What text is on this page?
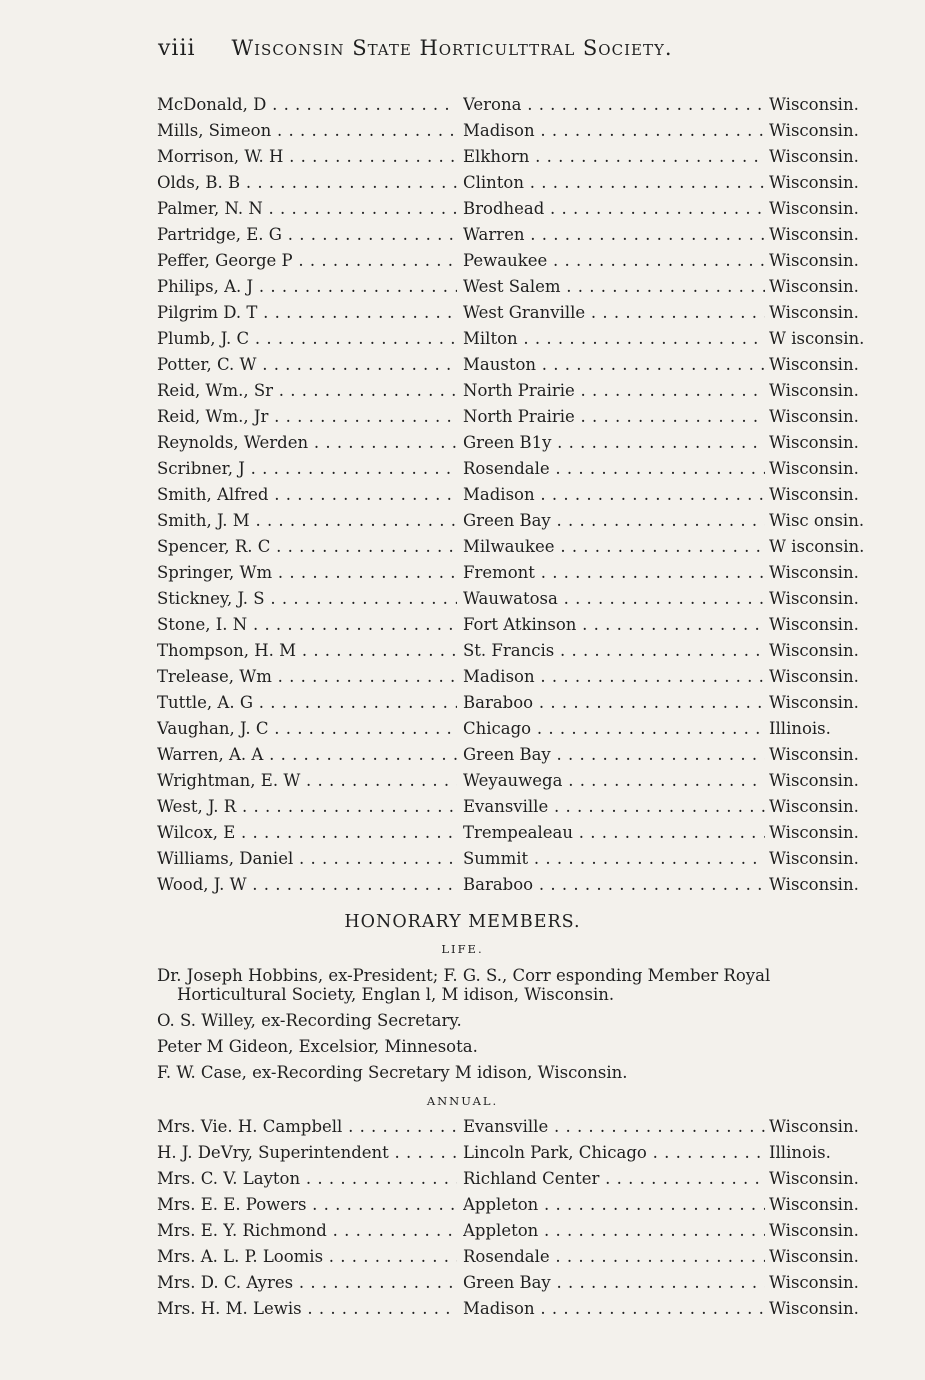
viii Wisconsin State Horticulttral Society.
McDonald, D . . .	Verona . . .	Wisconsin.
Mills, Simeon . . .	Madison . . .	Wisconsin.
Morrison, W. H . . .	Elkhorn . . .	Wisconsin.
Olds, B. B . . .	Clinton . . .	Wisconsin.
Palmer, N. N . . .	Brodhead . . .	Wisconsin.
Partridge, E. G . . .	Warren . . .	Wisconsin.
Peffer, George P . . .	Pewaukee . . .	Wisconsin.
Philips, A. J . . .	West Salem . . .	Wisconsin.
Pilgrim D. T . . .	West Granville . . .	Wisconsin.
Plumb, J. C . . .	Milton . . .	W isconsin.
Potter, C. W . . .	Mauston . . .	Wisconsin.
Reid, Wm., Sr . . .	North Prairie . . .	Wisconsin.
Reid, Wm., Jr . . .	North Prairie . . .	Wisconsin.
Reynolds, Werden . . .	Green B1y . . .	Wisconsin.
Scribner, J . . .	Rosendale . . .	Wisconsin.
Smith, Alfred . . .	Madison . . .	Wisconsin.
Smith, J. M . . .	Green Bay . . .	Wisc onsin.
Spencer, R. C . . .	Milwaukee . . .	W isconsin.
Springer, Wm . . .	Fremont . . .	Wisconsin.
Stickney, J. S . . .	Wauwatosa . . .	Wisconsin.
Stone, I. N . . .	Fort Atkinson . . .	Wisconsin.
Thompson, H. M . . .	St. Francis . . .	Wisconsin.
Trelease, Wm . . .	Madison . . .	Wisconsin.
Tuttle, A. G . . .	Baraboo . . .	Wisconsin.
Vaughan, J. C . . .	Chicago . . .	Illinois.
Warren, A. A . . .	Green Bay . . .	Wisconsin.
Wrightman, E. W . . .	Weyauwega . . .	Wisconsin.
West, J. R . . .	Evansville . . .	Wisconsin.
Wilcox, E . . .	Trempealeau . . .	Wisconsin.
Williams, Daniel . . .	Summit . . .	Wisconsin.
Wood, J. W . . .	Baraboo . . .	Wisconsin.
HONORARY MEMBERS.
LIFE.
Dr. Joseph Hobbins, ex-President; F. G. S., Corr esponding Member Royal
Horticultural Society, Englan l, M idison, Wisconsin.
O. S. Willey, ex-Recording Secretary.
Peter M Gideon, Excelsior, Minnesota.
F. W. Case, ex-Recording Secretary M idison, Wisconsin.
ANNUAL.
Mrs. Vie. H. Campbell . . .	Evansville . . .	Wisconsin.
H. J. DeVry, Superintendent . . .	Lincoln Park, Chicago . . .	Illinois.
Mrs. C. V. Layton . . .	Richland Center . . .	Wisconsin.
Mrs. E. E. Powers . . .	Appleton . . .	Wisconsin.
Mrs. E. Y. Richmond . . .	Appleton . . .	Wisconsin.
Mrs. A. L. P. Loomis . . .	Rosendale . . .	Wisconsin.
Mrs. D. C. Ayres . . .	Green Bay . . .	Wisconsin.
Mrs. H. M. Lewis . . .	Madison . . .	Wisconsin.
